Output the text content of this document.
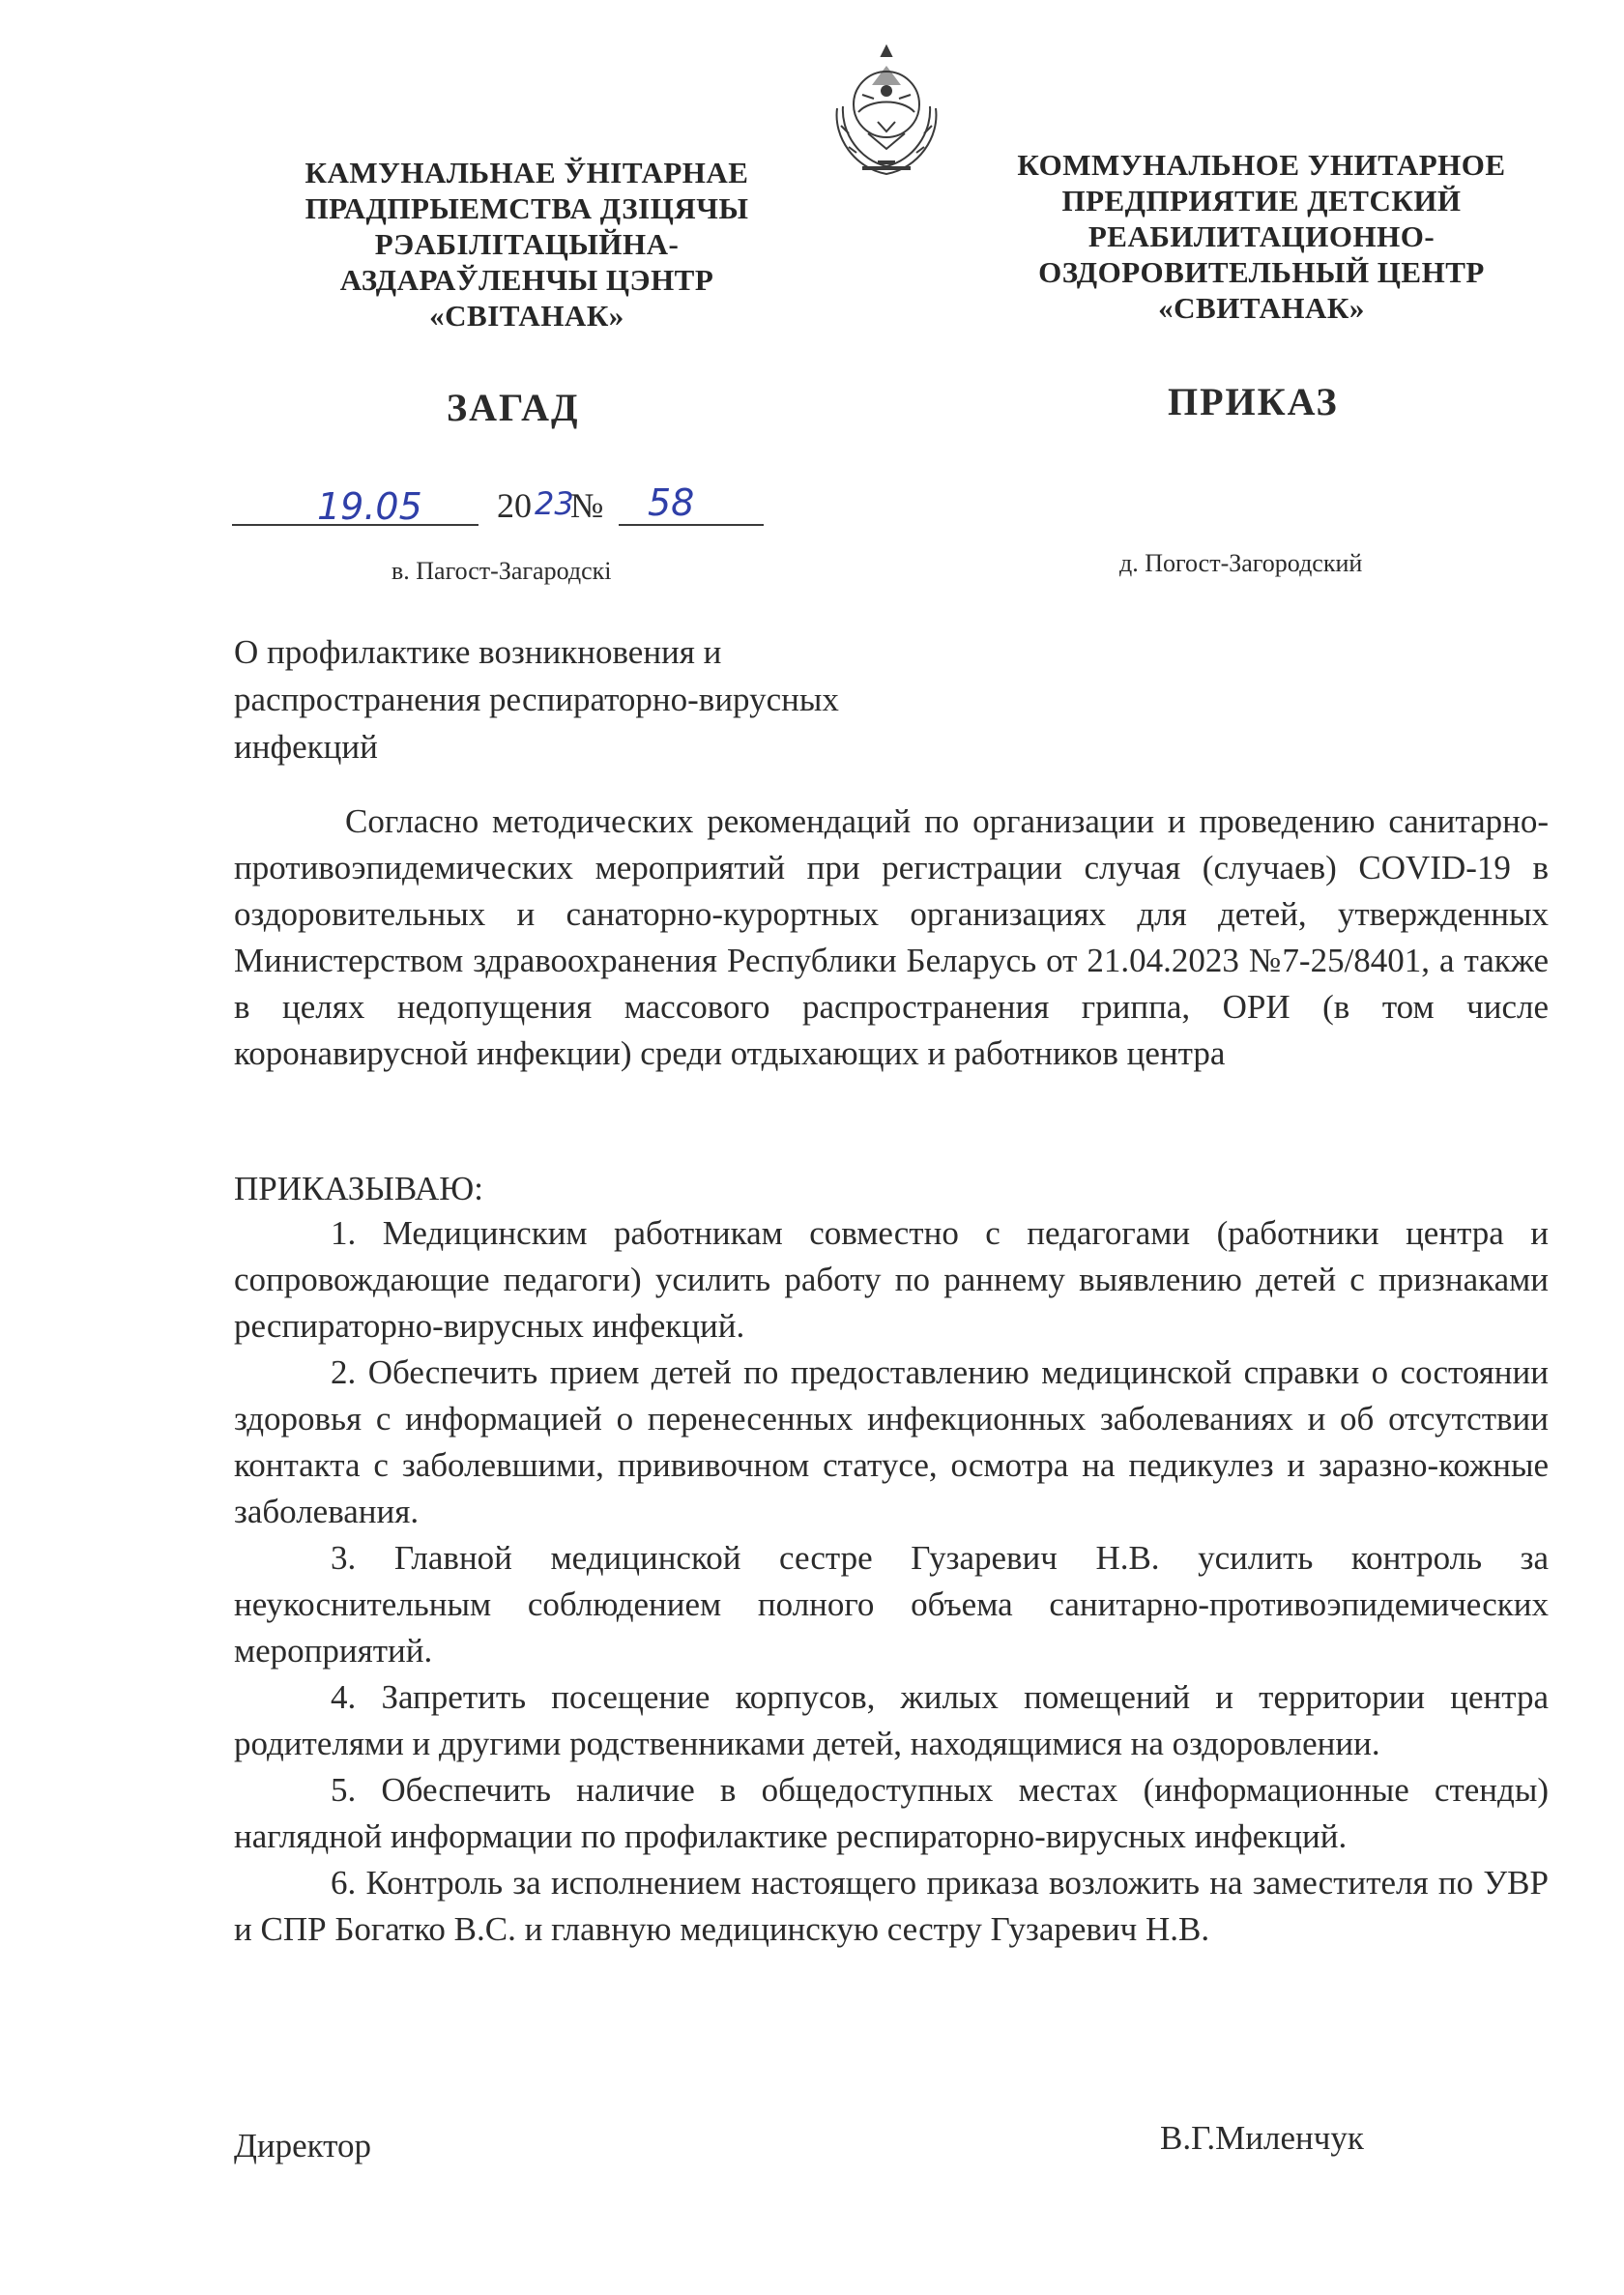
КАМУНАЛЬНАЕ ЎНІТАРНАЕ
ПРАДПРЫЕМСТВА ДЗІЦЯЧЫ
РЭАБІЛІТАЦЫЙНА-
АЗДАРАЎЛЕНЧЫ ЦЭНТР
«СВІТАНАК»
КОММУНАЛЬНОЕ УНИТАРНОЕ
ПРЕДПРИЯТИЕ ДЕТСКИЙ
РЕАБИЛИТАЦИОННО-
ОЗДОРОВИТЕЛЬНЫЙ ЦЕНТР
«СВИТАНАК»
ЗАГАД	ПРИКАЗ
19.05 20 23
№ 58
в. Пагост-Загародскі	д. Погост-Загородский
О профилактике возникновения и
распространения респираторно-вирусных
инфекций

Согласно методических рекомендаций по организации и проведению санитарно-противоэпидемических мероприятий при регистрации случая (случаев) COVID-19 в оздоровительных и санаторно-курортных организациях для детей, утвержденных Министерством здравоохранения Республики Беларусь от 21.04.2023 №7-25/8401, а также в целях недопущения массового распространения гриппа, ОРИ (в том числе коронавирусной инфекции) среди отдыхающих и работников центра

ПРИКАЗЫВАЮ:

1. Медицинским работникам совместно с педагогами (работники центра и сопровождающие педагоги) усилить работу по раннему выявлению детей с признаками респираторно-вирусных инфекций.

2. Обеспечить прием детей по предоставлению медицинской справки о состоянии здоровья с информацией о перенесенных инфекционных заболеваниях и об отсутствии контакта с заболевшими, прививочном статусе, осмотра на педикулез и заразно-кожные заболевания.

3. Главной медицинской сестре Гузаревич Н.В. усилить контроль за неукоснительным соблюдением полного объема санитарно-противоэпидемических мероприятий.

4. Запретить посещение корпусов, жилых помещений и территории центра родителями и другими родственниками детей, находящимися на оздоровлении.

5. Обеспечить наличие в общедоступных местах (информационные стенды) наглядной информации по профилактике респираторно-вирусных инфекций.

6. Контроль за исполнением настоящего приказа возложить на заместителя по УВР и СПР Богатко В.С. и главную медицинскую сестру Гузаревич Н.В.

Директор	В.Г.Миленчук
